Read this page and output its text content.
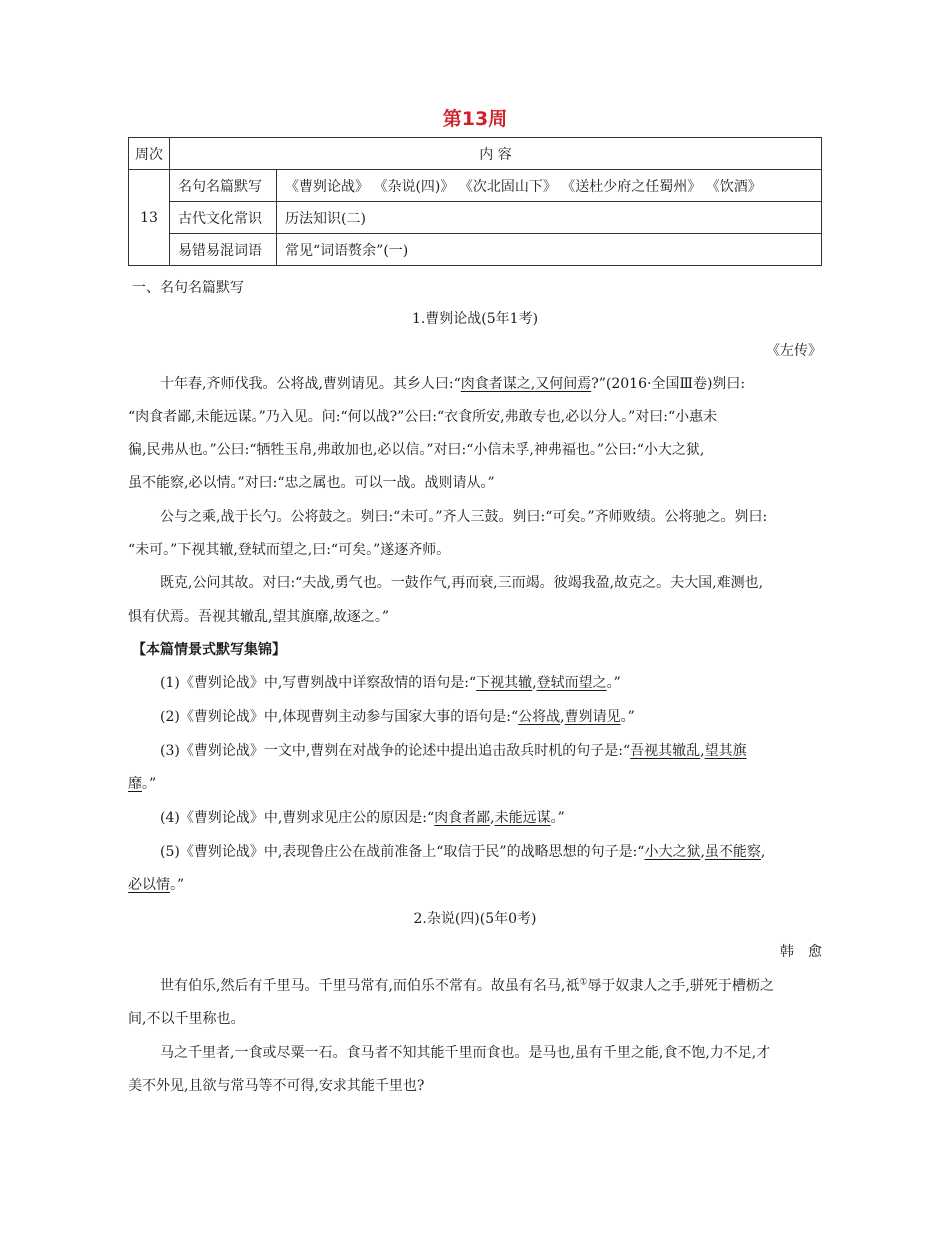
第13周
周次	内 容	
13	名句名篇默写	《曹刿论战》 《杂说(四)》 《次北固山下》 《送杜少府之任蜀州》 《饮酒》
	古代文化常识	历法知识(二)
	易错易混词语	常见“词语赘余”(一)
一、名句名篇默写
1.曹刿论战(5年1考)
《左传》
十年春,齐师伐我。公将战,曹刿请见。其乡人曰:“肉食者谋之,又何间焉?”(2016·全国Ⅲ卷)刿曰:
“肉食者鄙,未能远谋。”乃入见。问:“何以战?”公曰:“衣食所安,弗敢专也,必以分人。”对曰:“小惠未
徧,民弗从也。”公曰:“牺牲玉帛,弗敢加也,必以信。”对曰:“小信未孚,神弗福也。”公曰:“小大之狱,
虽不能察,必以情。”对曰:“忠之属也。可以一战。战则请从。”
公与之乘,战于长勺。公将鼓之。刿曰:“未可。”齐人三鼓。刿曰:“可矣。”齐师败绩。公将驰之。刿曰:
“未可。”下视其辙,登轼而望之,曰:“可矣。”遂逐齐师。
既克,公问其故。对曰:“夫战,勇气也。一鼓作气,再而衰,三而竭。彼竭我盈,故克之。夫大国,难测也,
惧有伏焉。吾视其辙乱,望其旗靡,故逐之。”
【本篇情景式默写集锦】
(1)《曹刿论战》中,写曹刿战中详察敌情的语句是:“下视其辙,登轼而望之。”
(2)《曹刿论战》中,体现曹刿主动参与国家大事的语句是:“公将战,曹刿请见。”
(3)《曹刿论战》一文中,曹刿在对战争的论述中提出追击敌兵时机的句子是:“吾视其辙乱,望其旗
靡。”
(4)《曹刿论战》中,曹刿求见庄公的原因是:“肉食者鄙,未能远谋。”
(5)《曹刿论战》中,表现鲁庄公在战前准备上“取信于民”的战略思想的句子是:“小大之狱,虽不能察,
必以情。”
2.杂说(四)(5年0考)
韩　愈
世有伯乐,然后有千里马。千里马常有,而伯乐不常有。故虽有名马,祗①辱于奴隶人之手,骈死于槽枥之
间,不以千里称也。
马之千里者,一食或尽粟一石。食马者不知其能千里而食也。是马也,虽有千里之能,食不饱,力不足,才
美不外见,且欲与常马等不可得,安求其能千里也?
